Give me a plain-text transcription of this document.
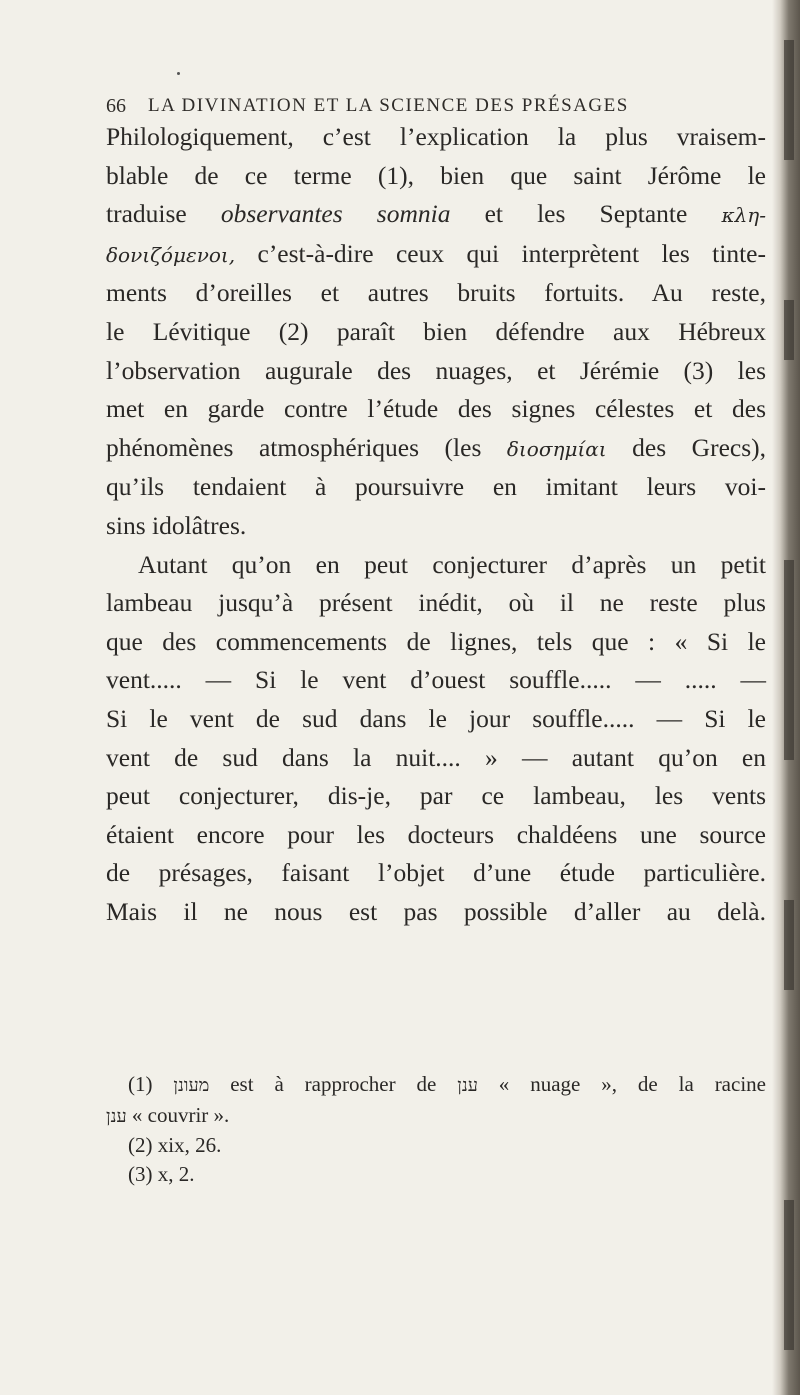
66	LA DIVINATION ET LA SCIENCE DES PRÉSAGES
Philologiquement, c’est l’explication la plus vraisem-
blable de ce terme (1), bien que saint Jérôme le
traduise observantes somnia et les Septante κλη-
δονιζόμενοι, c’est-à-dire ceux qui interprètent les tinte-
ments d’oreilles et autres bruits fortuits. Au reste,
le Lévitique (2) paraît bien défendre aux Hébreux
l’observation augurale des nuages, et Jérémie (3) les
met en garde contre l’étude des signes célestes et des
phénomènes atmosphériques (les διοσημίαι des Grecs),
qu’ils tendaient à poursuivre en imitant leurs voi-
sins idolâtres.
Autant qu’on en peut conjecturer d’après un petit
lambeau jusqu’à présent inédit, où il ne reste plus
que des commencements de lignes, tels que : « Si le
vent..... — Si le vent d’ouest souffle..... — ..... —
Si le vent de sud dans le jour souffle..... — Si le
vent de sud dans la nuit.... » — autant qu’on en
peut conjecturer, dis-je, par ce lambeau, les vents
étaient encore pour les docteurs chaldéens une source
de présages, faisant l’objet d’une étude particulière.
Mais il ne nous est pas possible d’aller au delà.
(1) מעונן est à rapprocher de ענן « nuage », de la racine
ענן « couvrir ».
(2) xix, 26.
(3) x, 2.
